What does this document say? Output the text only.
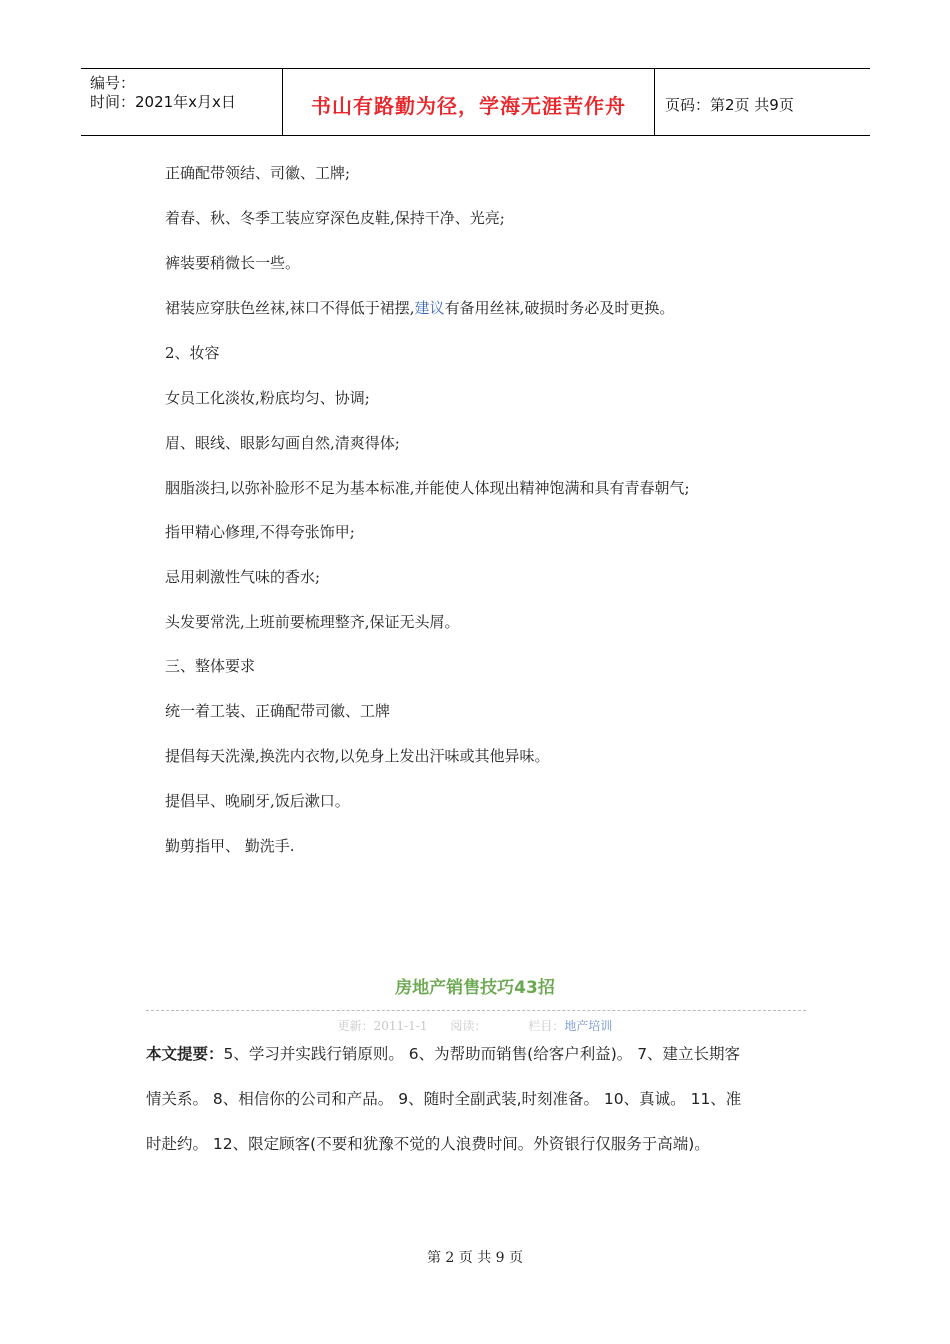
编号：
时间：2021年x月x日	书山有路勤为径，学海无涯苦作舟	页码：第2页 共9页
正确配带领结、司徽、工牌;
着春、秋、冬季工装应穿深色皮鞋,保持干净、光亮;
裤装要稍微长一些。
裙装应穿肤色丝袜,袜口不得低于裙摆,建议有备用丝袜,破损时务必及时更换。
2、妆容
女员工化淡妆,粉底均匀、协调;
眉、眼线、眼影勾画自然,清爽得体;
胭脂淡扫,以弥补脸形不足为基本标准,并能使人体现出精神饱满和具有青春朝气;
指甲精心修理,不得夸张饰甲;
忌用刺激性气味的香水;
头发要常洗,上班前要梳理整齐,保证无头屑。
三、整体要求
统一着工装、正确配带司徽、工牌
提倡每天洗澡,换洗内衣物,以免身上发出汗味或其他异味。
提倡早、晚刷牙,饭后漱口。
勤剪指甲、 勤洗手.
房地产销售技巧43招
更新：2011-1-1 阅读：	栏目：地产培训
本文提要：5、学习并实践行销原则。 6、为帮助而销售(给客户利益)。 7、建立长期客
情关系。 8、相信你的公司和产品。 9、随时全副武装,时刻准备。 10、真诚。 11、准
时赴约。 12、限定顾客(不要和犹豫不觉的人浪费时间。外资银行仅服务于高端)。
第 2 页 共 9 页
